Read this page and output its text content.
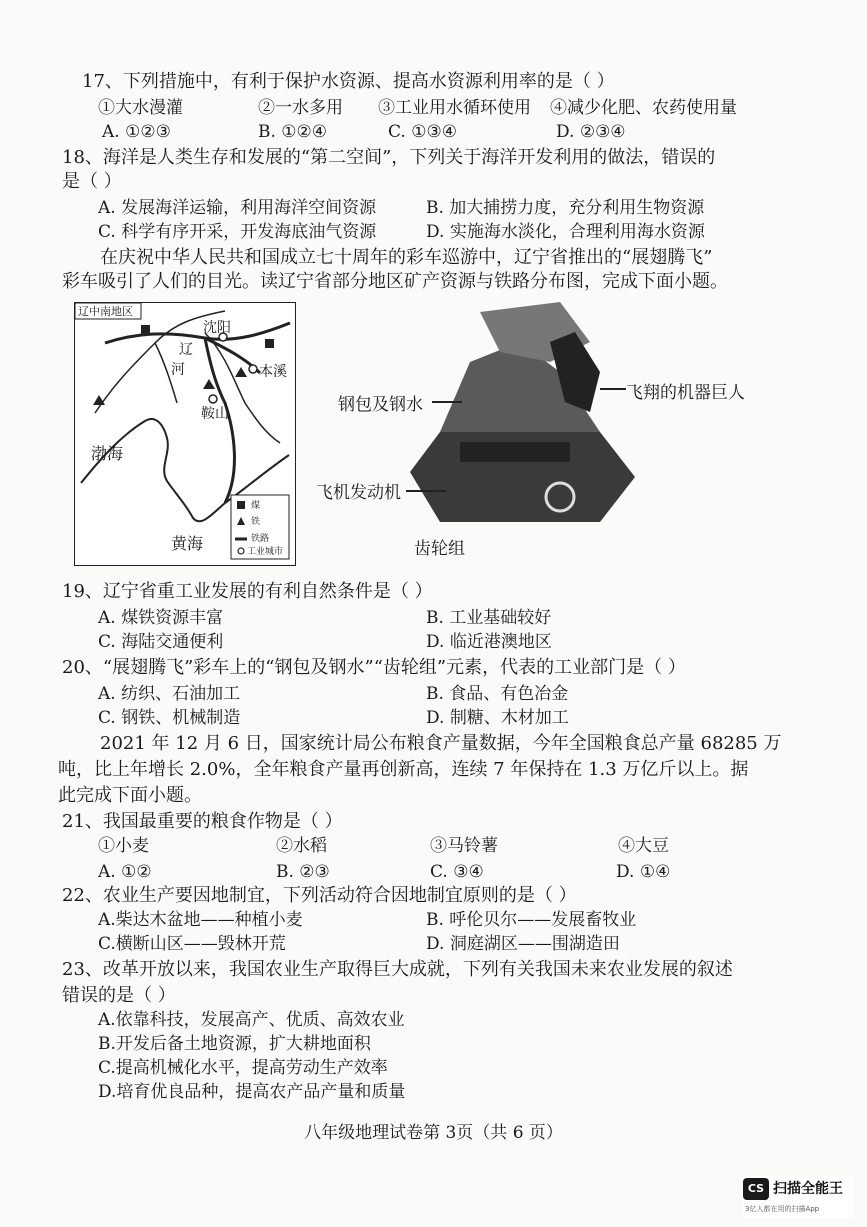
17、下列措施中，有利于保护水资源、提高水资源利用率的是（ ）
①大水漫灌	②一水多用 ③工业用水循环使用 ④减少化肥、农药使用量
A. ①②③	B. ①②④	C. ①③④	D. ②③④
18、海洋是人类生存和发展的“第二空间”，下列关于海洋开发利用的做法，错误的
是（ ）
A. 发展海洋运输，利用海洋空间资源	B. 加大捕捞力度，充分利用生物资源
C. 科学有序开采，开发海底油气资源	D. 实施海水淡化，合理利用海水资源
在庆祝中华人民共和国成立七十周年的彩车巡游中，辽宁省推出的“展翅腾飞”
彩车吸引了人们的目光。读辽宁省部分地区矿产资源与铁路分布图，完成下面小题。
辽中南地区
沈阳
本溪
鞍山
辽
河
渤海
黄海
煤
铁
铁路
工业城市
钢包及钢水
飞翔的机器巨人
飞机发动机
齿轮组
19、辽宁省重工业发展的有利自然条件是（ ）
A. 煤铁资源丰富	B. 工业基础较好
C. 海陆交通便利	D. 临近港澳地区
20、“展翅腾飞”彩车上的“钢包及钢水”“齿轮组”元素，代表的工业部门是（ ）
A. 纺织、石油加工	B. 食品、有色冶金
C. 钢铁、机械制造	D. 制糖、木材加工
2021 年 12 月 6 日，国家统计局公布粮食产量数据，今年全国粮食总产量 68285 万
吨，比上年增长 2.0%，全年粮食产量再创新高，连续 7 年保持在 1.3 万亿斤以上。据
此完成下面小题。
21、我国最重要的粮食作物是（ ）
①小麦	②水稻	③马铃薯	④大豆
A. ①②	B. ②③	C. ③④	D. ①④
22、农业生产要因地制宜，下列活动符合因地制宜原则的是（ ）
A.柴达木盆地——种植小麦	B. 呼伦贝尔——发展畜牧业
C.横断山区——毁林开荒	D. 洞庭湖区——围湖造田
23、改革开放以来，我国农业生产取得巨大成就，下列有关我国未来农业发展的叙述
错误的是（ ）
A.依靠科技，发展高产、优质、高效农业
B.开发后备土地资源，扩大耕地面积
C.提高机械化水平，提高劳动生产效率
D.培育优良品种，提高农产品产量和质量
八年级地理试卷第 3页（共 6 页）
CS 扫描全能王
3亿人都在用的扫描App
